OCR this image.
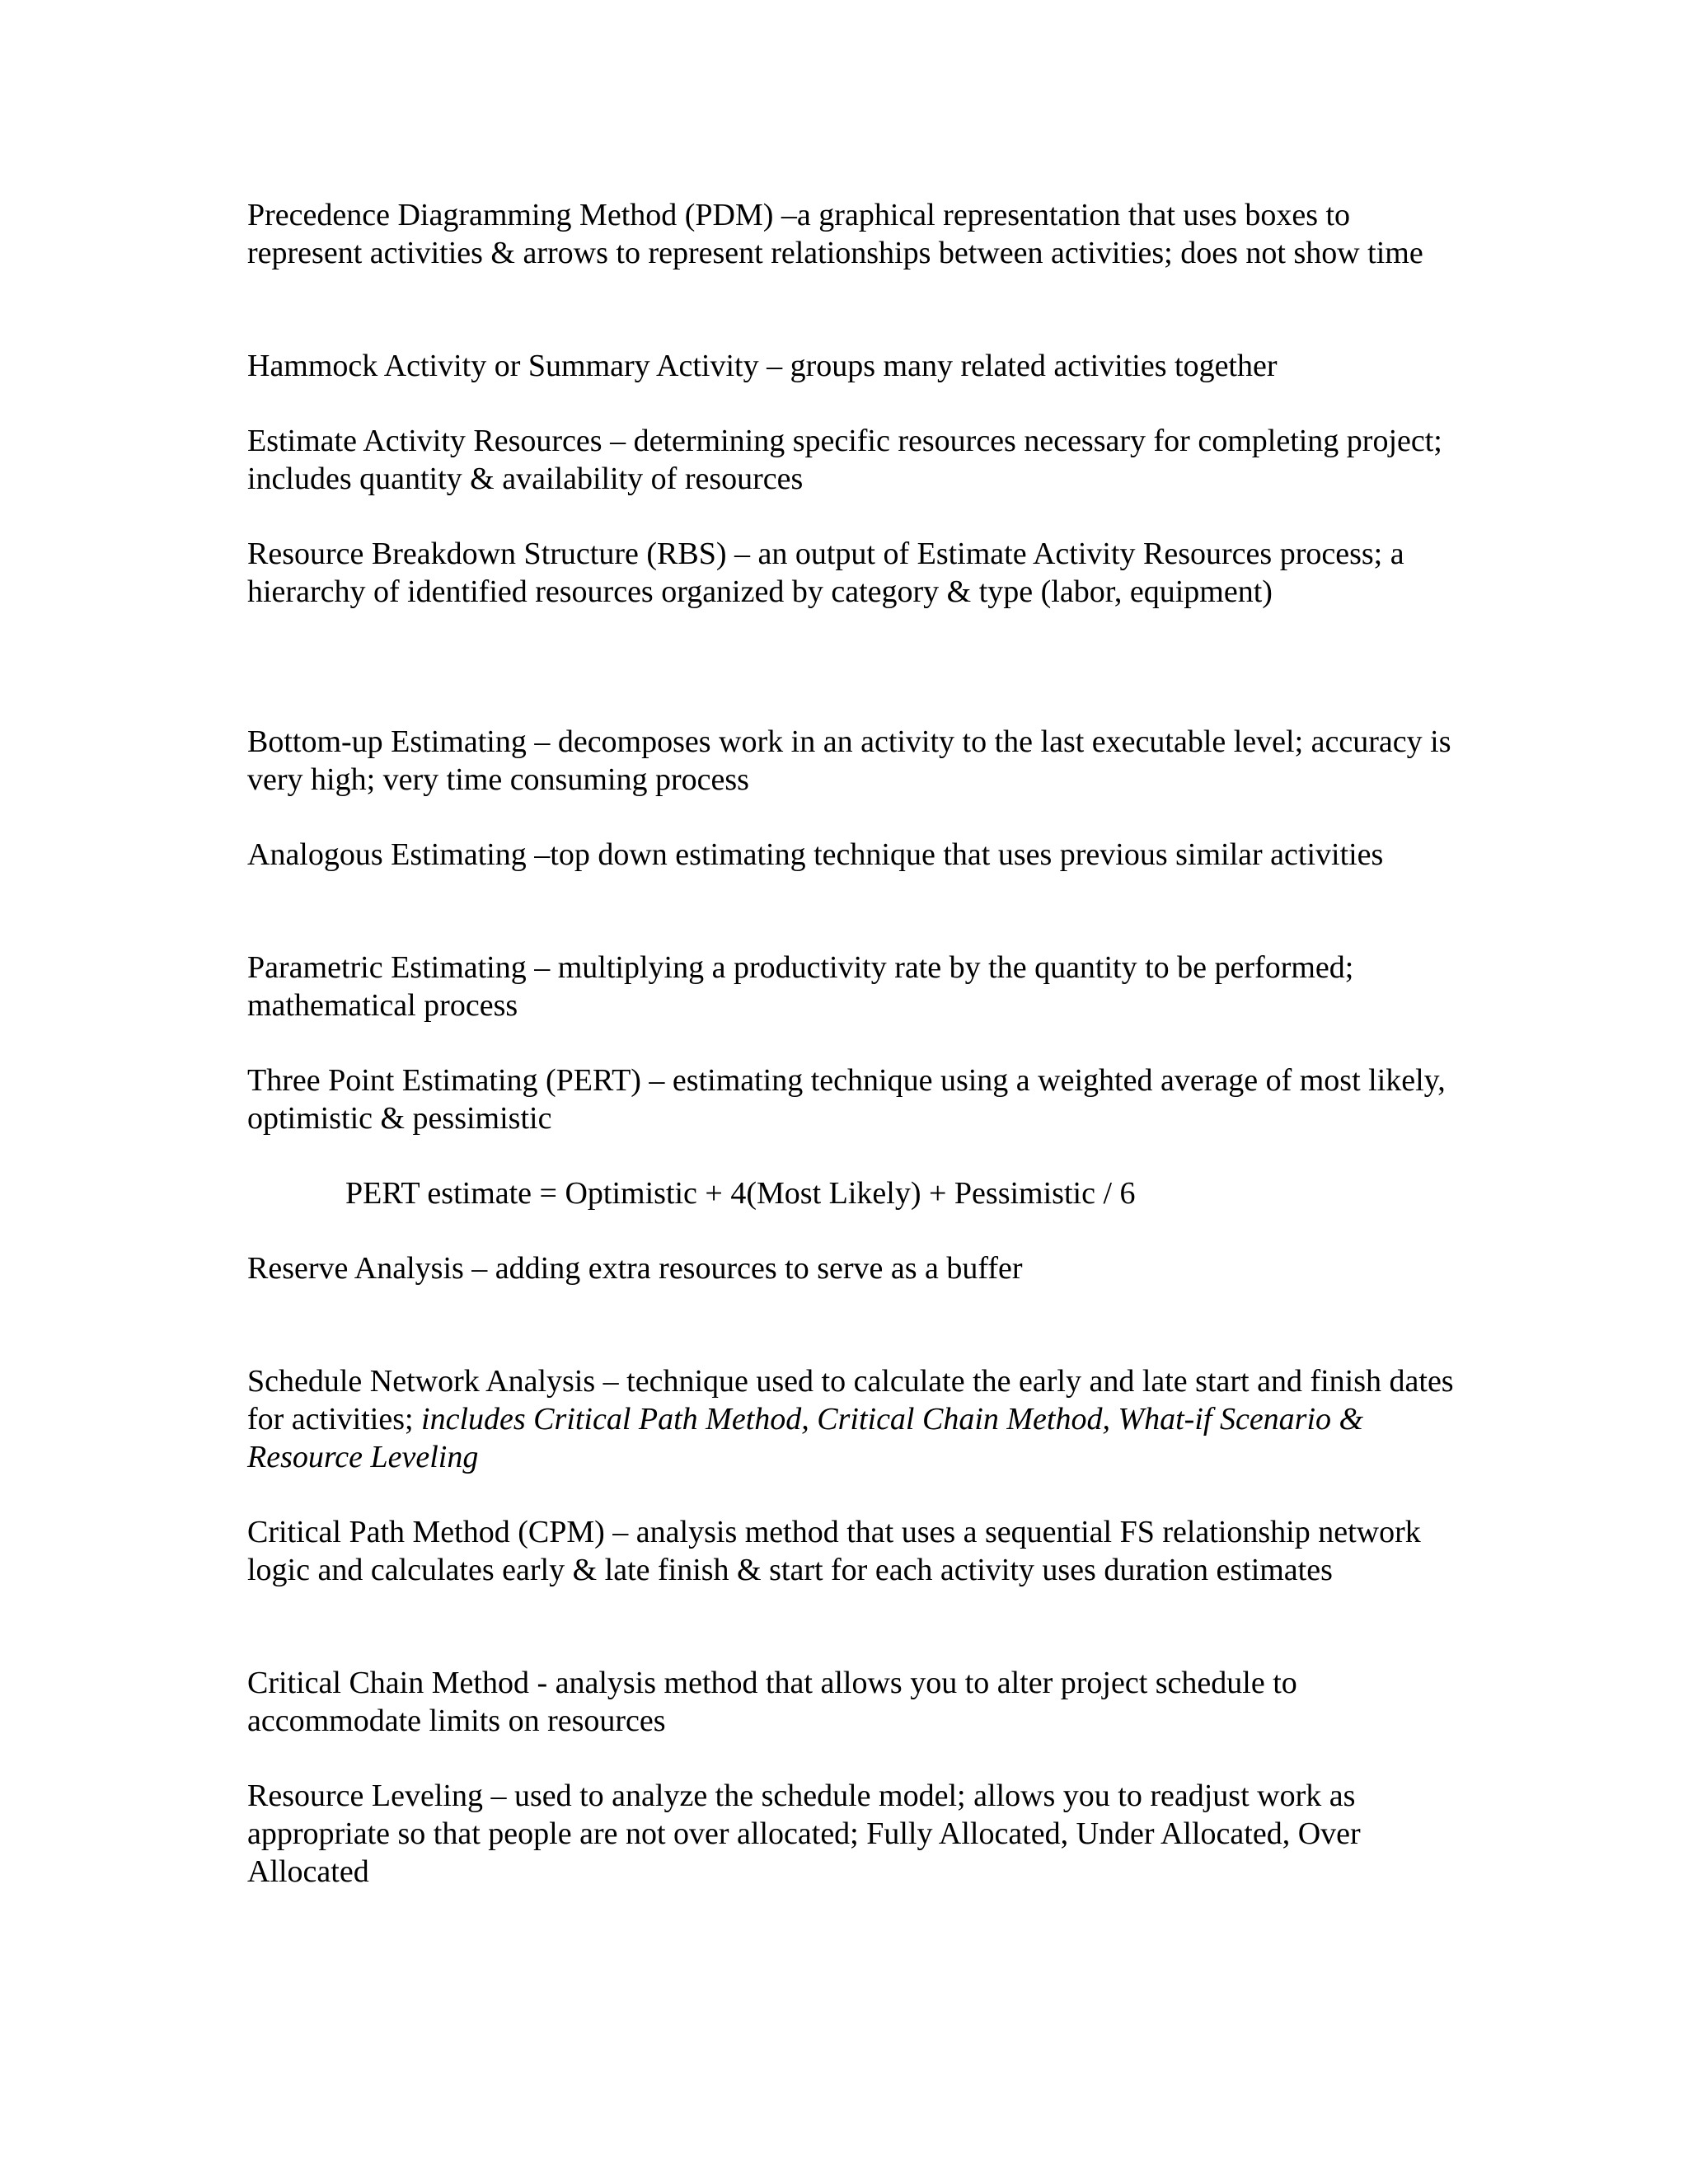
Precedence Diagramming Method (PDM) –a graphical representation that uses boxes to represent activities & arrows to represent relationships between activities; does not show time

Hammock Activity or Summary Activity – groups many related activities together

Estimate Activity Resources – determining specific resources necessary for completing project; includes quantity & availability of resources

Resource Breakdown Structure (RBS) – an output of Estimate Activity Resources process; a hierarchy of identified resources organized by category & type (labor, equipment)

Bottom-up Estimating – decomposes work in an activity to the last executable level; accuracy is very high; very time consuming process

Analogous Estimating –top down estimating technique that uses previous similar activities

Parametric Estimating – multiplying a productivity rate by the quantity to be performed; mathematical process

Three Point Estimating (PERT) – estimating technique using a weighted average of most likely, optimistic & pessimistic

PERT estimate = Optimistic + 4(Most Likely) + Pessimistic / 6

Reserve Analysis – adding extra resources to serve as a buffer

Schedule Network Analysis – technique used to calculate the early and late start and finish dates for activities; includes Critical Path Method, Critical Chain Method, What-if Scenario & Resource Leveling

Critical Path Method (CPM) – analysis method that uses a sequential FS relationship network logic and calculates early & late finish & start for each activity uses duration estimates

Critical Chain Method - analysis method that allows you to alter project schedule to accommodate limits on resources

Resource Leveling – used to analyze the schedule model; allows you to readjust work as appropriate so that people are not over allocated; Fully Allocated, Under Allocated, Over Allocated
